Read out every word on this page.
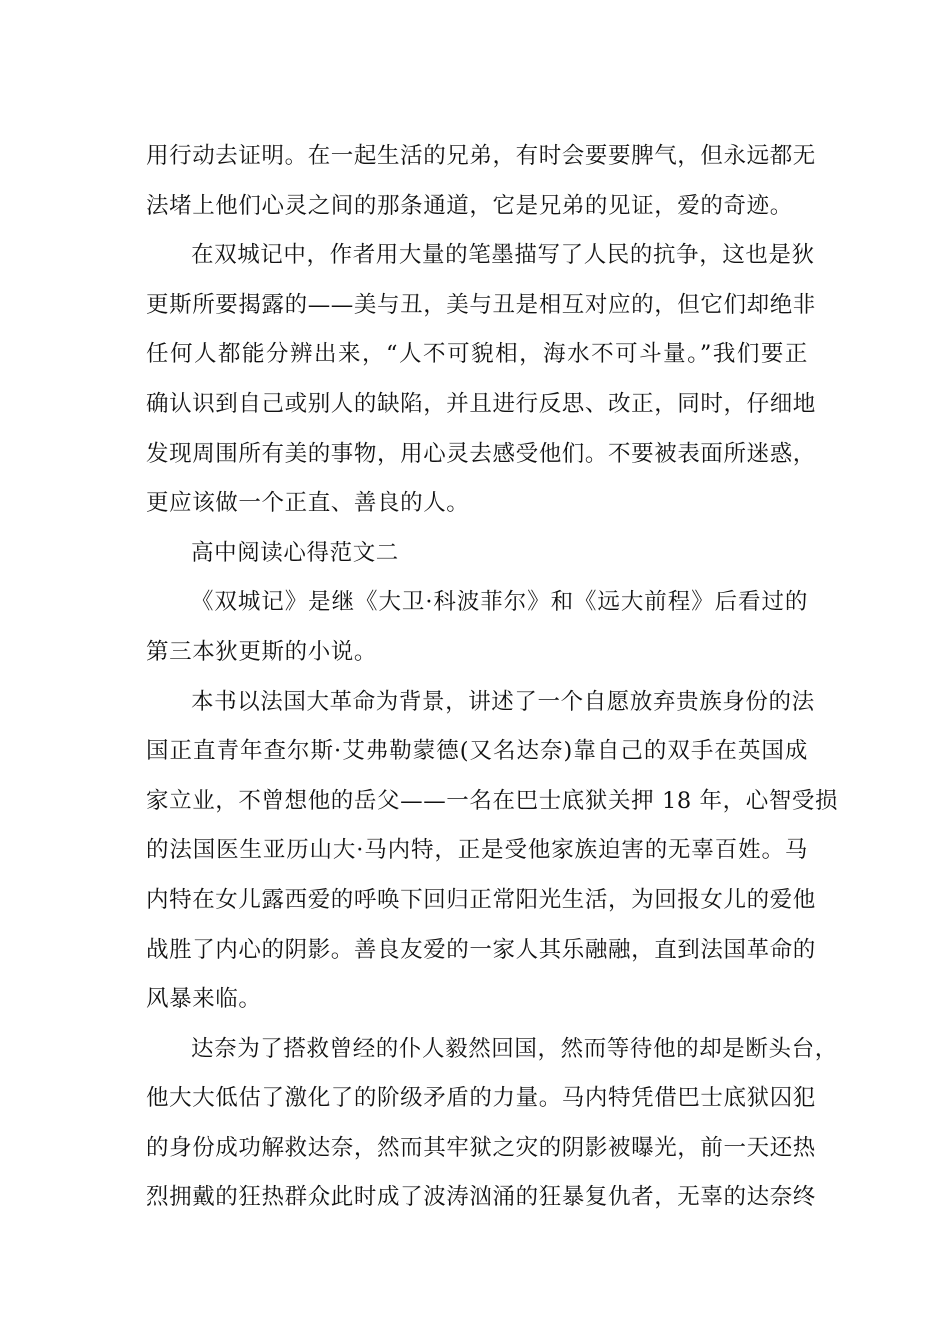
用行动去证明。在一起生活的兄弟，有时会要要脾气，但永远都无
法堵上他们心灵之间的那条通道，它是兄弟的见证，爱的奇迹。
在双城记中，作者用大量的笔墨描写了人民的抗争，这也是狄
更斯所要揭露的——美与丑，美与丑是相互对应的，但它们却绝非
任何人都能分辨出来，“人不可貌相，海水不可斗量。”我们要正
确认识到自己或别人的缺陷，并且进行反思、改正，同时，仔细地
发现周围所有美的事物，用心灵去感受他们。不要被表面所迷惑，
更应该做一个正直、善良的人。
高中阅读心得范文二
《双城记》是继《大卫·科波菲尔》和《远大前程》后看过的
第三本狄更斯的小说。
本书以法国大革命为背景，讲述了一个自愿放弃贵族身份的法
国正直青年查尔斯·艾弗勒蒙德(又名达奈)靠自己的双手在英国成
家立业，不曾想他的岳父——一名在巴士底狱关押 18 年，心智受损
的法国医生亚历山大·马内特，正是受他家族迫害的无辜百姓。马
内特在女儿露西爱的呼唤下回归正常阳光生活，为回报女儿的爱他
战胜了内心的阴影。善良友爱的一家人其乐融融，直到法国革命的
风暴来临。
达奈为了搭救曾经的仆人毅然回国，然而等待他的却是断头台，
他大大低估了激化了的阶级矛盾的力量。马内特凭借巴士底狱囚犯
的身份成功解救达奈，然而其牢狱之灾的阴影被曝光，前一天还热
烈拥戴的狂热群众此时成了波涛汹涌的狂暴复仇者，无辜的达奈终
